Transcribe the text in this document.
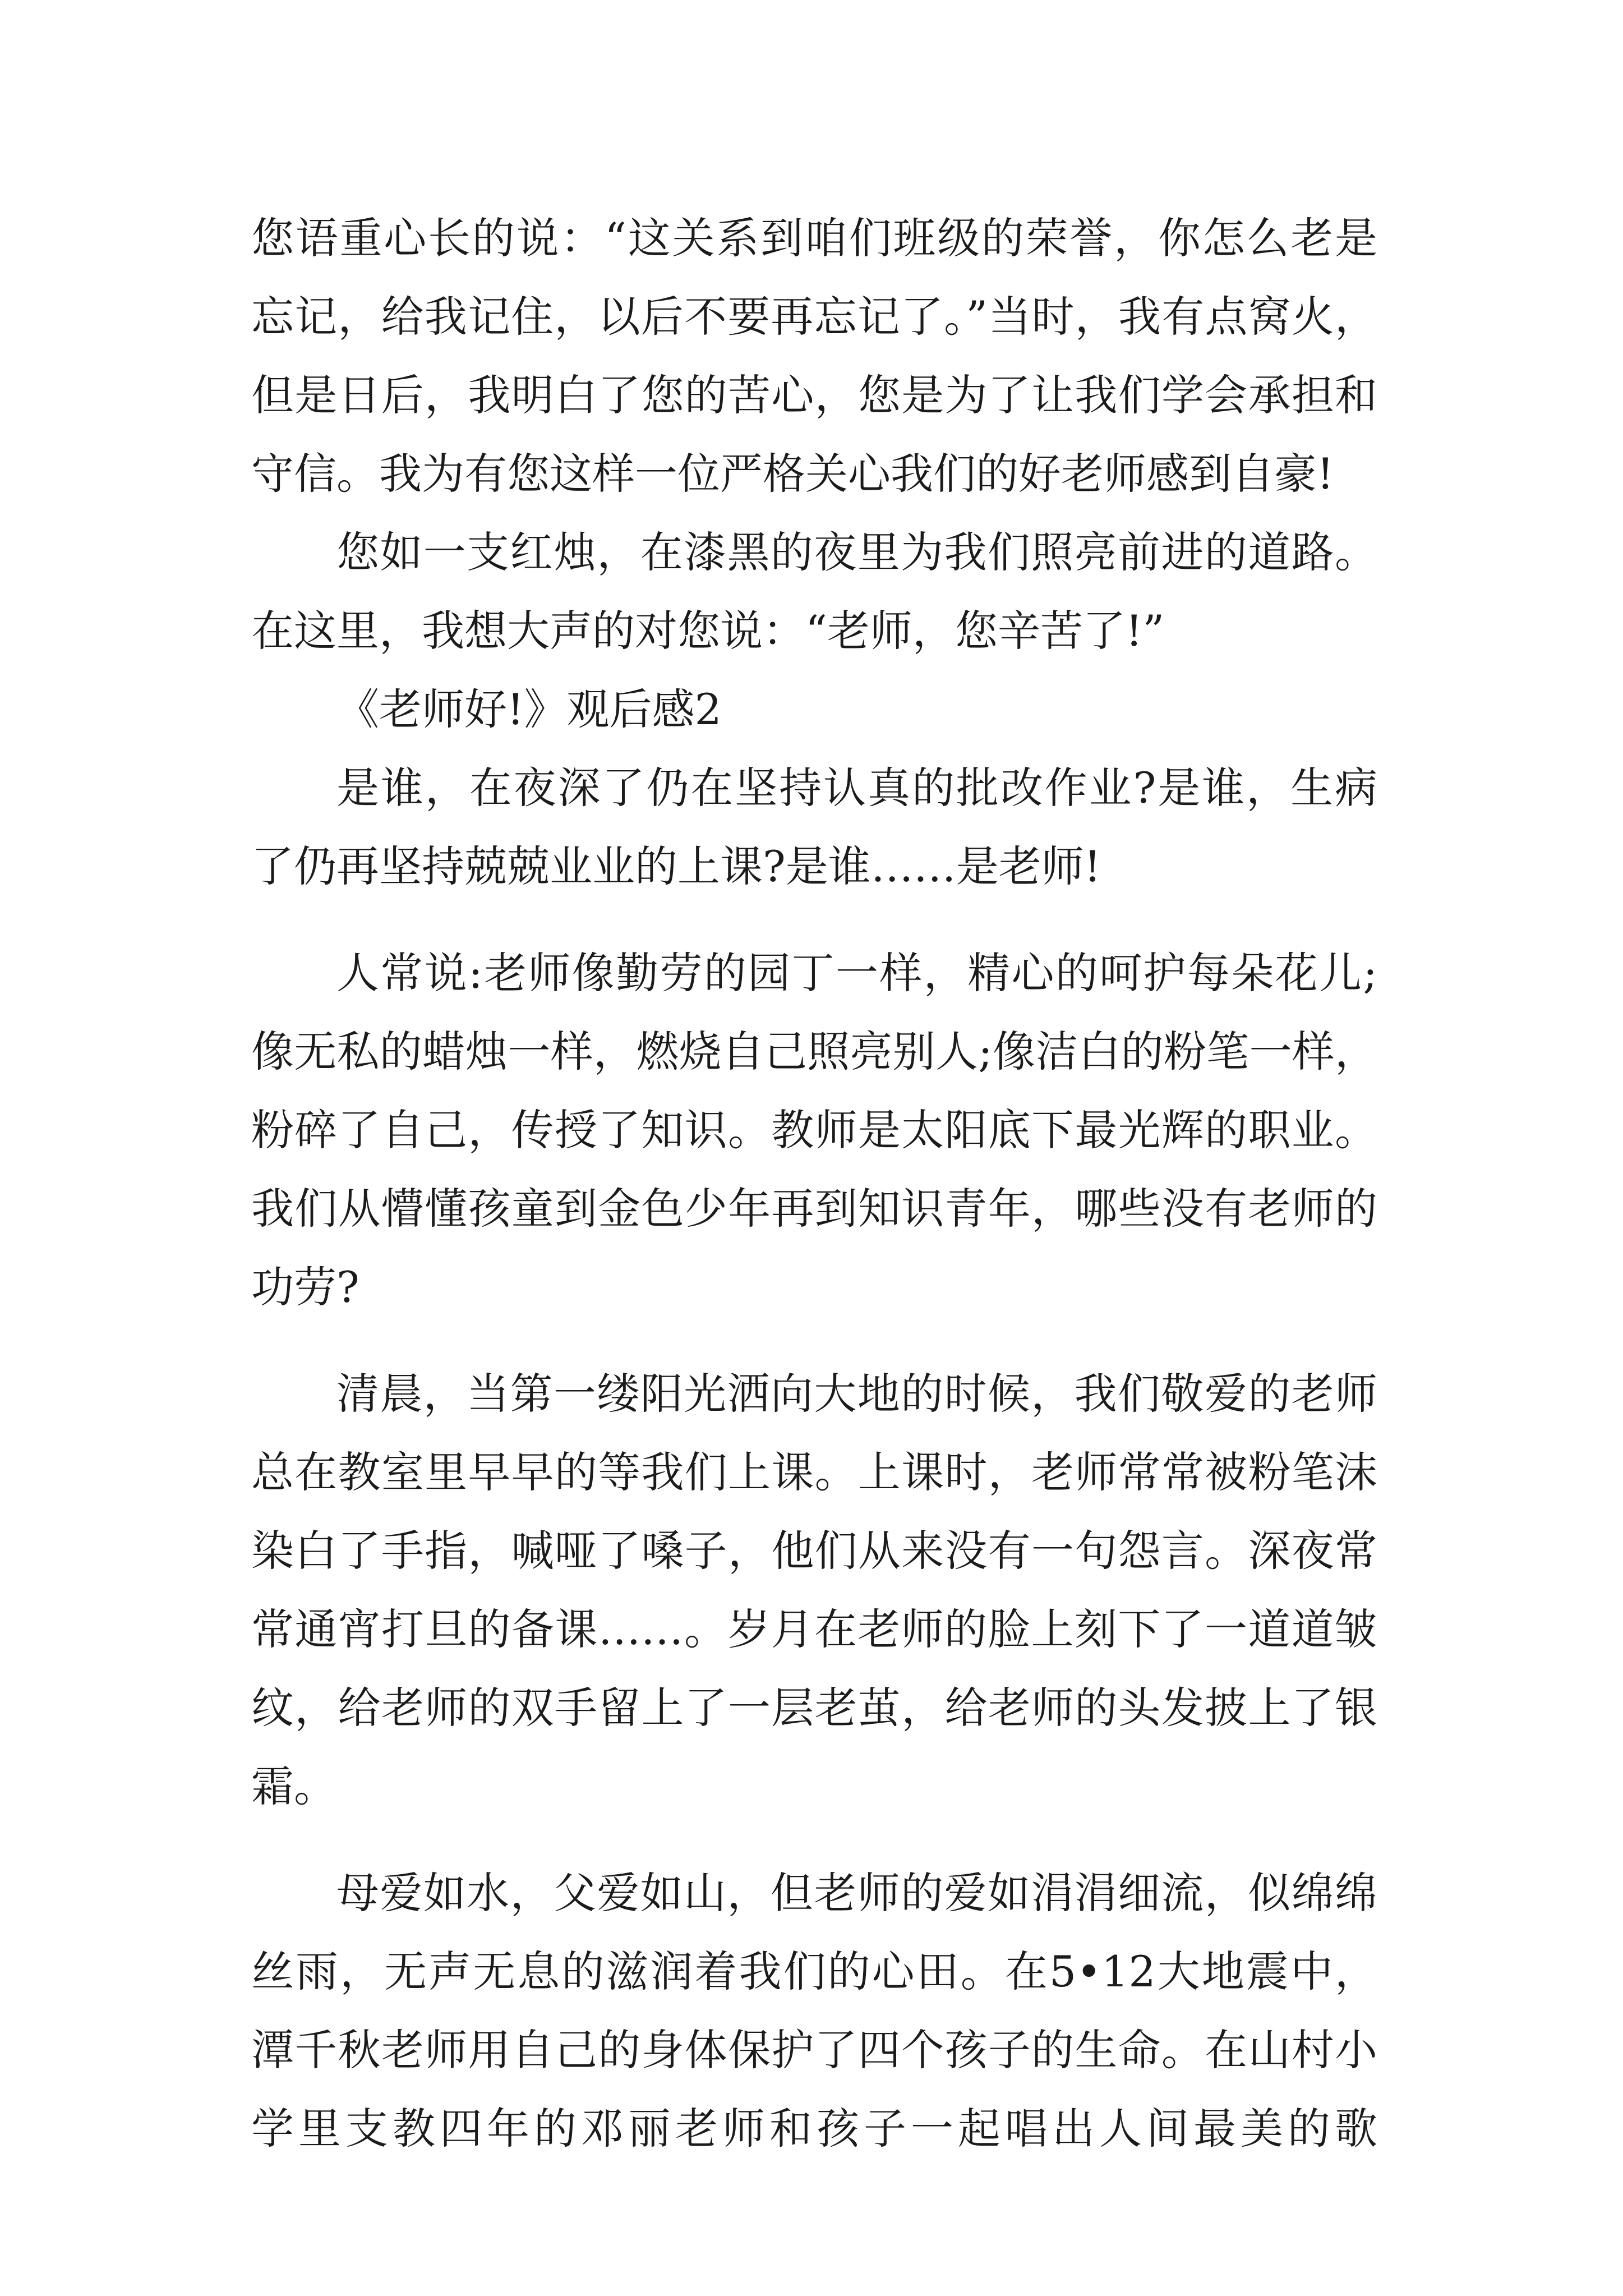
您语重心长的说：“这关系到咱们班级的荣誉，你怎么老是
忘记，给我记住，以后不要再忘记了。”当时，我有点窝火，
但是日后，我明白了您的苦心，您是为了让我们学会承担和
守信。我为有您这样一位严格关心我们的好老师感到自豪!
您如一支红烛，在漆黑的夜里为我们照亮前进的道路。
在这里，我想大声的对您说：“老师，您辛苦了!”
《老师好!》观后感2
是谁，在夜深了仍在坚持认真的批改作业?是谁，生病
了仍再坚持兢兢业业的上课?是谁……是老师!
人常说:老师像勤劳的园丁一样，精心的呵护每朵花儿;
像无私的蜡烛一样，燃烧自己照亮别人;像洁白的粉笔一样，
粉碎了自己，传授了知识。教师是太阳底下最光辉的职业。
我们从懵懂孩童到金色少年再到知识青年，哪些没有老师的
功劳?
清晨，当第一缕阳光洒向大地的时候，我们敬爱的老师
总在教室里早早的等我们上课。上课时，老师常常被粉笔沫
染白了手指，喊哑了嗓子，他们从来没有一句怨言。深夜常
常通宵打旦的备课……。岁月在老师的脸上刻下了一道道皱
纹，给老师的双手留上了一层老茧，给老师的头发披上了银
霜。
母爱如水，父爱如山，但老师的爱如涓涓细流，似绵绵
丝雨，无声无息的滋润着我们的心田。在5•12大地震中，
潭千秋老师用自己的身体保护了四个孩子的生命。在山村小
学里支教四年的邓丽老师和孩子一起唱出人间最美的歌
